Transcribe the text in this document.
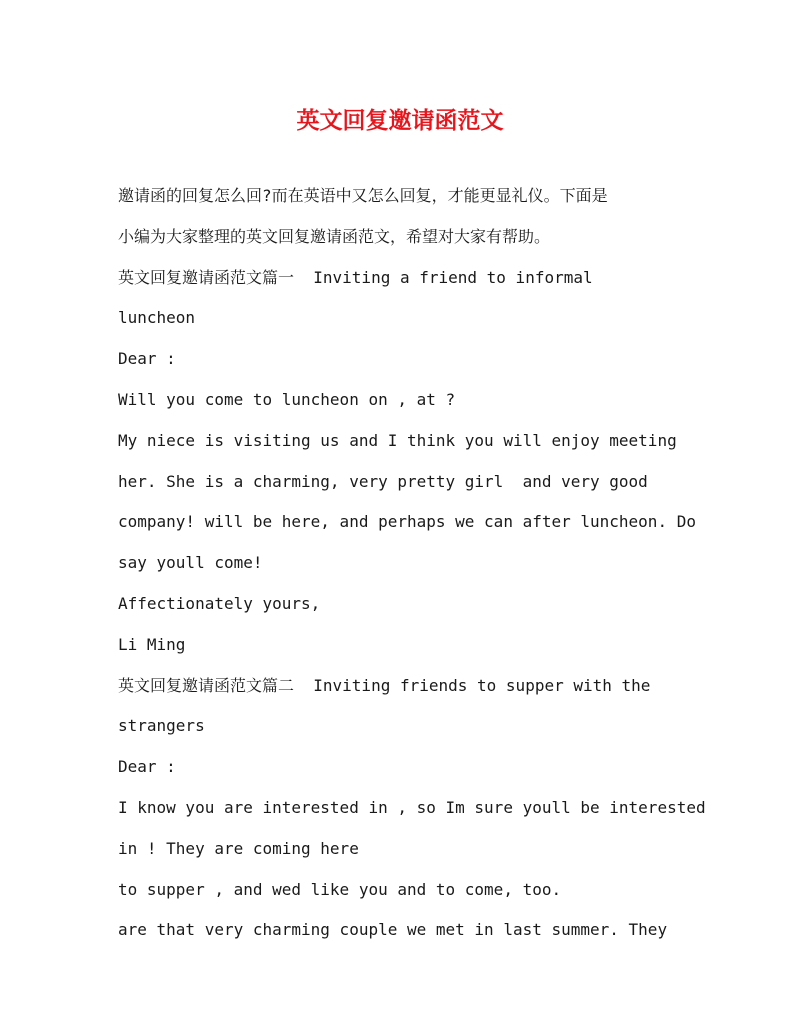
英文回复邀请函范文
邀请函的回复怎么回?而在英语中又怎么回复，才能更显礼仪。下面是
小编为大家整理的英文回复邀请函范文，希望对大家有帮助。
英文回复邀请函范文篇一  Inviting a friend to informal
luncheon
Dear :
Will you come to luncheon on , at ?
My niece is visiting us and I think you will enjoy meeting
her. She is a charming, very pretty girl  and very good
company! will be here, and perhaps we can after luncheon. Do
say youll come!
Affectionately yours,
Li Ming
英文回复邀请函范文篇二  Inviting friends to supper with the
strangers
Dear :
I know you are interested in , so Im sure youll be interested
in ! They are coming here
to supper , and wed like you and to come, too.
are that very charming couple we met in last summer. They
